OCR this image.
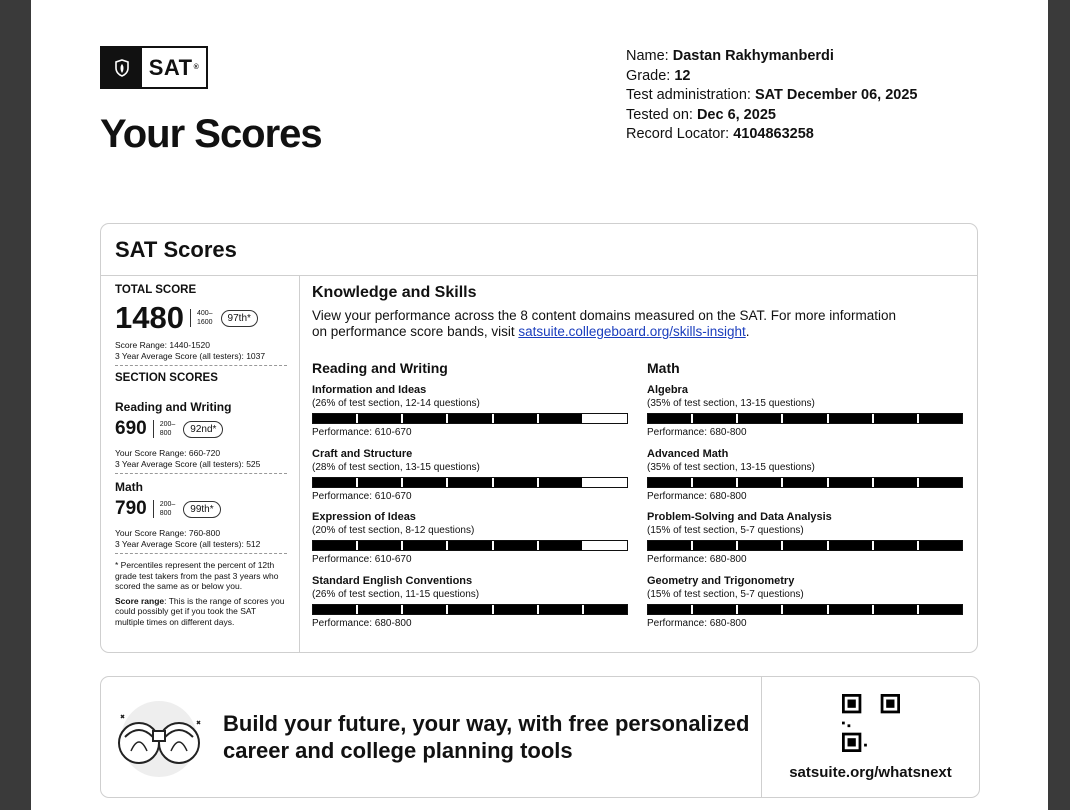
SAT ®
Your Scores
Name: Dastan Rakhymanberdi
Grade: 12
Test administration: SAT December 06, 2025
Tested on: Dec 6, 2025
Record Locator: 4104863258
SAT Scores
TOTAL SCORE
1480	400–
1600	97th*
Score Range: 1440-1520
3 Year Average Score (all testers): 1037
SECTION SCORES
Reading and Writing
690	200–
800	92nd*
Your Score Range: 660-720
3 Year Average Score (all testers): 525
Math
790	200–
800	99th*
Your Score Range: 760-800
3 Year Average Score (all testers): 512
* Percentiles represent the percent of 12th grade test takers from the past 3 years who scored the same as or below you.
Score range: This is the range of scores you could possibly get if you took the SAT multiple times on different days.
Knowledge and Skills
View your performance across the 8 content domains measured on the SAT. For more information on performance score bands, visit satsuite.collegeboard.org/skills-insight.
Reading and Writing
Information and Ideas
(26% of test section, 12-14 questions)
Performance: 610-670
Craft and Structure
(28% of test section, 13-15 questions)
Performance: 610-670
Expression of Ideas
(20% of test section, 8-12 questions)
Performance: 610-670
Standard English Conventions
(26% of test section, 11-15 questions)
Performance: 680-800
Math
Algebra
(35% of test section, 13-15 questions)
Performance: 680-800
Advanced Math
(35% of test section, 13-15 questions)
Performance: 680-800
Problem-Solving and Data Analysis
(15% of test section, 5-7 questions)
Performance: 680-800
Geometry and Trigonometry
(15% of test section, 5-7 questions)
Performance: 680-800
Build your future, your way, with free personalized
career and college planning tools
satsuite.org/whatsnext
